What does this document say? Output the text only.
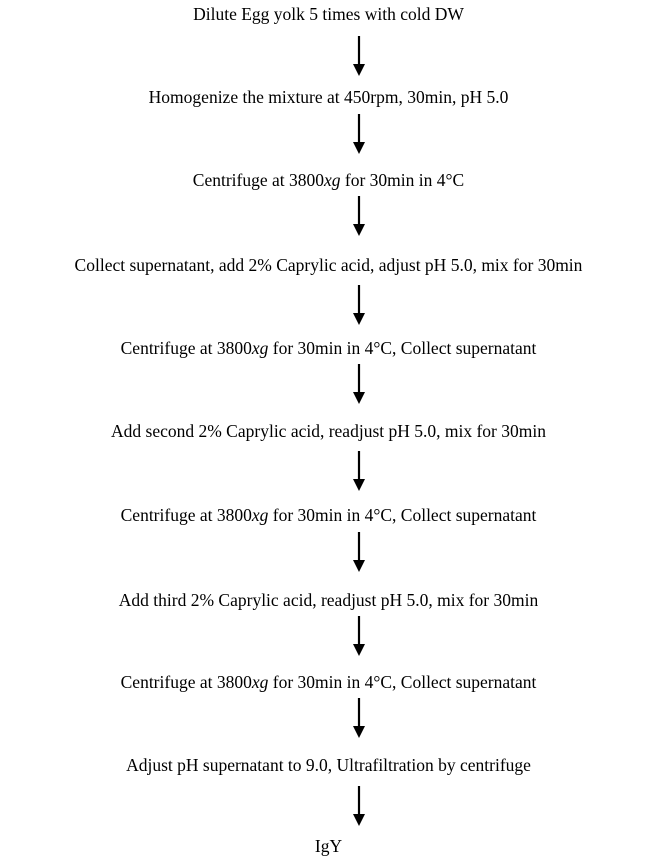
Dilute Egg yolk 5 times with cold DW
Homogenize the mixture at 450rpm, 30min, pH 5.0
Centrifuge at 3800xg for 30min in 4°C
Collect supernatant, add 2% Caprylic acid, adjust pH 5.0, mix for 30min
Centrifuge at 3800xg for 30min in 4°C, Collect supernatant
Add second 2% Caprylic acid, readjust pH 5.0, mix for 30min
Centrifuge at 3800xg for 30min in 4°C, Collect supernatant
Add third 2% Caprylic acid, readjust pH 5.0, mix for 30min
Centrifuge at 3800xg for 30min in 4°C, Collect supernatant
Adjust pH supernatant to 9.0, Ultrafiltration by centrifuge
IgY
